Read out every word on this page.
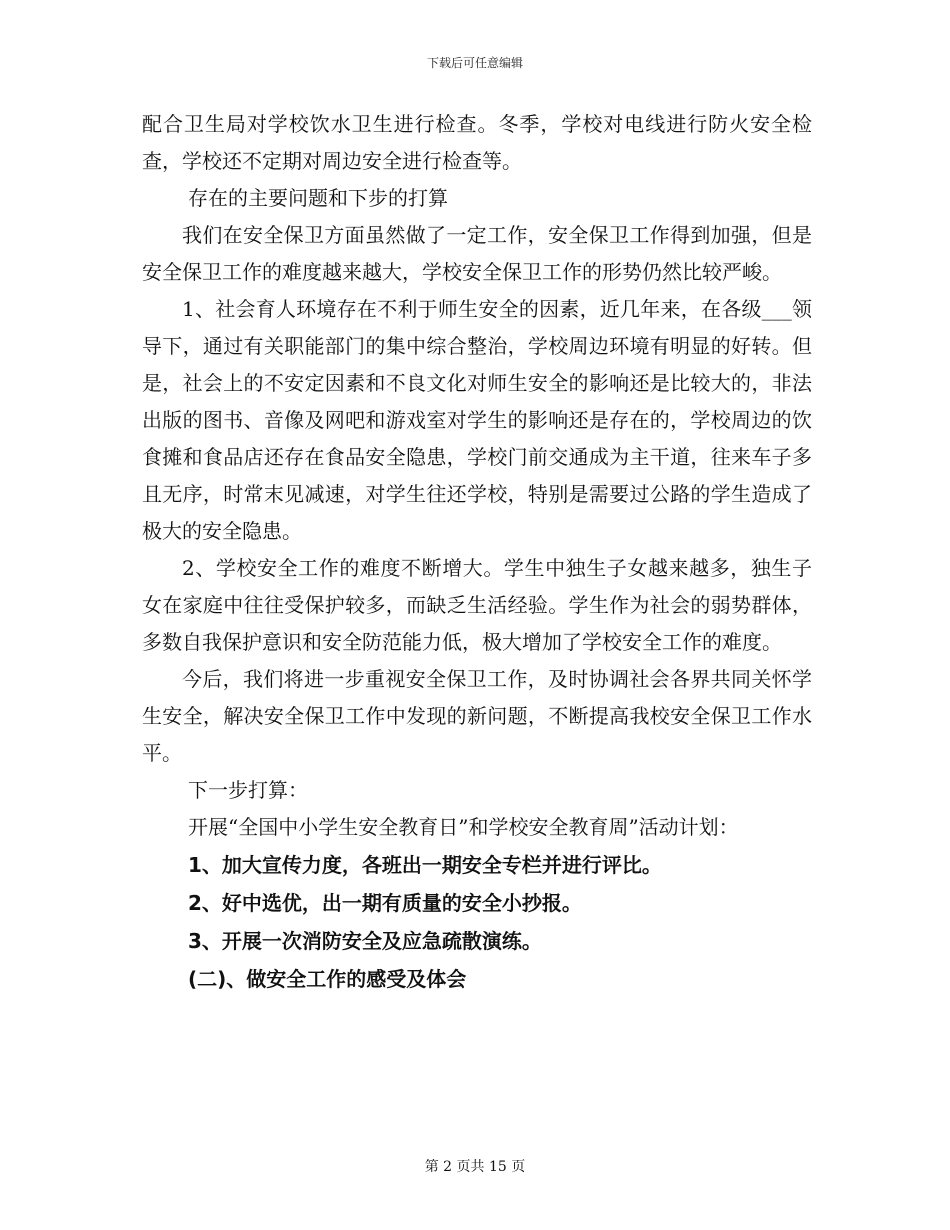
下载后可任意编辑

配合卫生局对学校饮水卫生进行检查。冬季，学校对电线进行防火安全检查，学校还不定期对周边安全进行检查等。

存在的主要问题和下步的打算

我们在安全保卫方面虽然做了一定工作，安全保卫工作得到加强，但是安全保卫工作的难度越来越大，学校安全保卫工作的形势仍然比较严峻。

1、社会育人环境存在不利于师生安全的因素，近几年来，在各级___领导下，通过有关职能部门的集中综合整治，学校周边环境有明显的好转。但是，社会上的不安定因素和不良文化对师生安全的影响还是比较大的，非法出版的图书、音像及网吧和游戏室对学生的影响还是存在的，学校周边的饮食摊和食品店还存在食品安全隐患，学校门前交通成为主干道，往来车子多且无序，时常末见减速，对学生往还学校，特别是需要过公路的学生造成了极大的安全隐患。

2、学校安全工作的难度不断增大。学生中独生子女越来越多，独生子女在家庭中往往受保护较多，而缺乏生活经验。学生作为社会的弱势群体，多数自我保护意识和安全防范能力低，极大增加了学校安全工作的难度。

今后，我们将进一步重视安全保卫工作，及时协调社会各界共同关怀学生安全，解决安全保卫工作中发现的新问题，不断提高我校安全保卫工作水平。

下一步打算：

开展“全国中小学生安全教育日”和学校安全教育周”活动计划：

1、加大宣传力度，各班出一期安全专栏并进行评比。

2、好中选优，出一期有质量的安全小抄报。

3、开展一次消防安全及应急疏散演练。

(二)、做安全工作的感受及体会

第 2 页共 15 页
